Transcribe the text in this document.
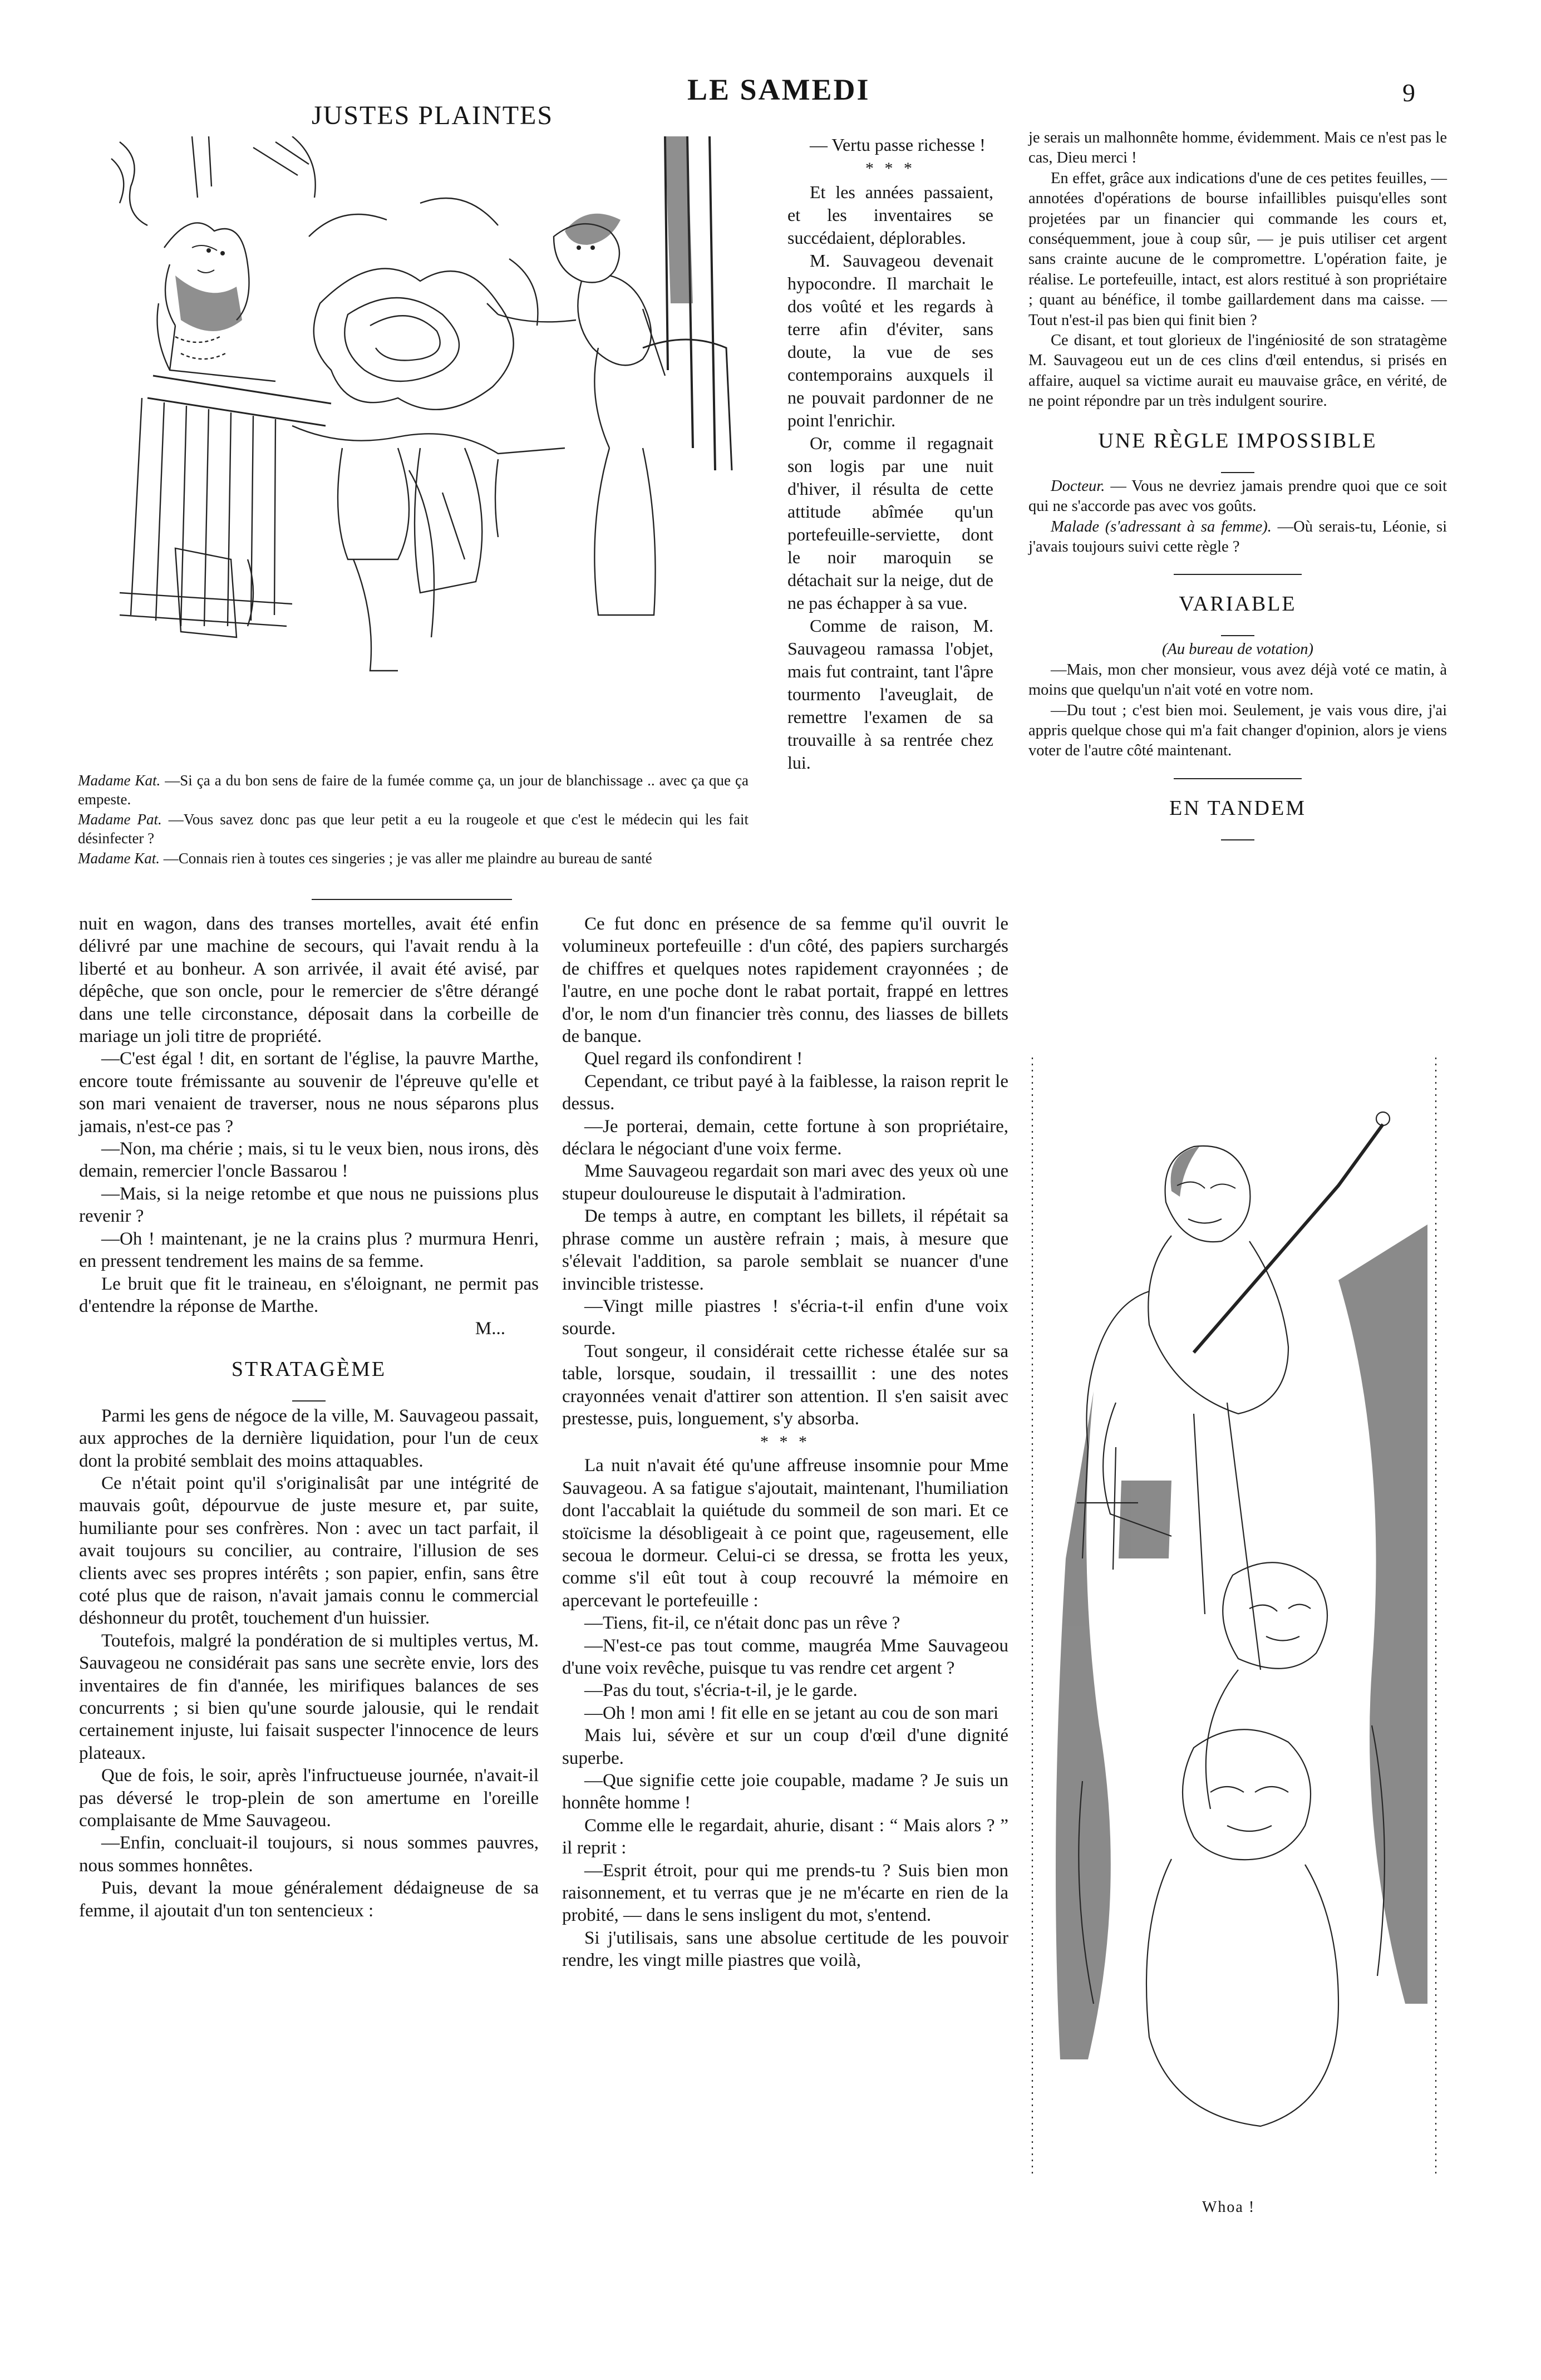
LE SAMEDI	9
JUSTES PLAINTES
Madame Kat. —Si ça a du bon sens de faire de la fumée comme ça, un jour de blanchissage .. avec ça que ça empeste.
Madame Pat. —Vous savez donc pas que leur petit a eu la rougeole et que c'est le médecin qui les fait désinfecter ?
Madame Kat. —Connais rien à toutes ces singeries ; je vas aller me plaindre au bureau de santé

nuit en wagon, dans des transes mortelles, avait été enfin délivré par une machine de secours, qui l'avait rendu à la liberté et au bonheur. A son arrivée, il avait été avisé, par dépêche, que son oncle, pour le remercier de s'être dérangé dans une telle circonstance, déposait dans la corbeille de mariage un joli titre de propriété.

—C'est égal ! dit, en sortant de l'église, la pauvre Marthe, encore toute frémissante au souvenir de l'épreuve qu'elle et son mari venaient de traverser, nous ne nous séparons plus jamais, n'est-ce pas ?

—Non, ma chérie ; mais, si tu le veux bien, nous irons, dès demain, remercier l'oncle Bassarou !

—Mais, si la neige retombe et que nous ne puissions plus revenir ?

—Oh ! maintenant, je ne la crains plus ? murmura Henri, en pressent tendrement les mains de sa femme.

Le bruit que fit le traineau, en s'éloignant, ne permit pas d'entendre la réponse de Marthe.

M...

STRATAGÈME

Parmi les gens de négoce de la ville, M. Sauvageou passait, aux approches de la dernière liquidation, pour l'un de ceux dont la probité semblait des moins attaquables.

Ce n'était point qu'il s'originalisât par une intégrité de mauvais goût, dépourvue de juste mesure et, par suite, humiliante pour ses confrères. Non : avec un tact parfait, il avait toujours su concilier, au contraire, l'illusion de ses clients avec ses propres intérêts ; son papier, enfin, sans être coté plus que de raison, n'avait jamais connu le commercial déshonneur du protêt, touchement d'un huissier.

Toutefois, malgré la pondération de si multiples vertus, M. Sauvageou ne considérait pas sans une secrète envie, lors des inventaires de fin d'année, les mirifiques balances de ses concurrents ; si bien qu'une sourde jalousie, qui le rendait certainement injuste, lui faisait suspecter l'innocence de leurs plateaux.

Que de fois, le soir, après l'infructueuse journée, n'avait-il pas déversé le trop-plein de son amertume en l'oreille complaisante de Mme Sauvageou.

—Enfin, concluait-il toujours, si nous sommes pauvres, nous sommes honnêtes.

Puis, devant la moue généralement dédaigneuse de sa femme, il ajoutait d'un ton sentencieux :

— Vertu passe richesse !

* * *

Et les années passaient, et les inventaires se succédaient, déplorables.

M. Sauvageou devenait hypocondre. Il marchait le dos voûté et les regards à terre afin d'éviter, sans doute, la vue de ses contemporains auxquels il ne pouvait pardonner de ne point l'enrichir.

Or, comme il regagnait son logis par une nuit d'hiver, il résulta de cette attitude abîmée qu'un portefeuille-serviette, dont le noir maroquin se détachait sur la neige, dut de ne pas échapper à sa vue.

Comme de raison, M. Sauvageou ramassa l'objet, mais fut contraint, tant l'âpre tourmento l'aveuglait, de remettre l'examen de sa trouvaille à sa rentrée chez lui.

Ce fut donc en présence de sa femme qu'il ouvrit le volumineux portefeuille : d'un côté, des papiers surchargés de chiffres et quelques notes rapidement crayonnées ; de l'autre, en une poche dont le rabat portait, frappé en lettres d'or, le nom d'un financier très connu, des liasses de billets de banque.

Quel regard ils confondirent !

Cependant, ce tribut payé à la faiblesse, la raison reprit le dessus.

—Je porterai, demain, cette fortune à son propriétaire, déclara le négociant d'une voix ferme.

Mme Sauvageou regardait son mari avec des yeux où une stupeur douloureuse le disputait à l'admiration.

De temps à autre, en comptant les billets, il répétait sa phrase comme un austère refrain ; mais, à mesure que s'élevait l'addition, sa parole semblait se nuancer d'une invincible tristesse.

—Vingt mille piastres ! s'écria-t-il enfin d'une voix sourde.

Tout songeur, il considérait cette richesse étalée sur sa table, lorsque, soudain, il tressaillit : une des notes crayonnées venait d'attirer son attention. Il s'en saisit avec prestesse, puis, longuement, s'y absorba.

* * *

La nuit n'avait été qu'une affreuse insomnie pour Mme Sauvageou. A sa fatigue s'ajoutait, maintenant, l'humiliation dont l'accablait la quiétude du sommeil de son mari. Et ce stoïcisme la désobligeait à ce point que, rageusement, elle secoua le dormeur. Celui-ci se dressa, se frotta les yeux, comme s'il eût tout à coup recouvré la mémoire en apercevant le portefeuille :

—Tiens, fit-il, ce n'était donc pas un rêve ?

—N'est-ce pas tout comme, maugréa Mme Sauvageou d'une voix revêche, puisque tu vas rendre cet argent ?

—Pas du tout, s'écria-t-il, je le garde.

—Oh ! mon ami ! fit elle en se jetant au cou de son mari

Mais lui, sévère et sur un coup d'œil d'une dignité superbe.

—Que signifie cette joie coupable, madame ? Je suis un honnête homme !

Comme elle le regardait, ahurie, disant : “ Mais alors ? ” il reprit :

—Esprit étroit, pour qui me prends-tu ? Suis bien mon raisonnement, et tu verras que je ne m'écarte en rien de la probité, — dans le sens insligent du mot, s'entend.

Si j'utilisais, sans une absolue certitude de les pouvoir rendre, les vingt mille piastres que voilà,

je serais un malhonnête homme, évidemment. Mais ce n'est pas le cas, Dieu merci !

En effet, grâce aux indications d'une de ces petites feuilles, — annotées d'opérations de bourse infaillibles puisqu'elles sont projetées par un financier qui commande les cours et, conséquemment, joue à coup sûr, — je puis utiliser cet argent sans crainte aucune de le compromettre. L'opération faite, je réalise. Le portefeuille, intact, est alors restitué à son propriétaire ; quant au bénéfice, il tombe gaillardement dans ma caisse. — Tout n'est-il pas bien qui finit bien ?

Ce disant, et tout glorieux de l'ingéniosité de son stratagème M. Sauvageou eut un de ces clins d'œil entendus, si prisés en affaire, auquel sa victime aurait eu mauvaise grâce, en vérité, de ne point répondre par un très indulgent sourire.

UNE RÈGLE IMPOSSIBLE

Docteur. — Vous ne devriez jamais prendre quoi que ce soit qui ne s'accorde pas avec vos goûts.

Malade (s'adressant à sa femme). —Où serais-tu, Léonie, si j'avais toujours suivi cette règle ?

VARIABLE

(Au bureau de votation)

—Mais, mon cher monsieur, vous avez déjà voté ce matin, à moins que quelqu'un n'ait voté en votre nom.

—Du tout ; c'est bien moi. Seulement, je vais vous dire, j'ai appris quelque chose qui m'a fait changer d'opinion, alors je viens voter de l'autre côté maintenant.

EN TANDEM
Whoa !
